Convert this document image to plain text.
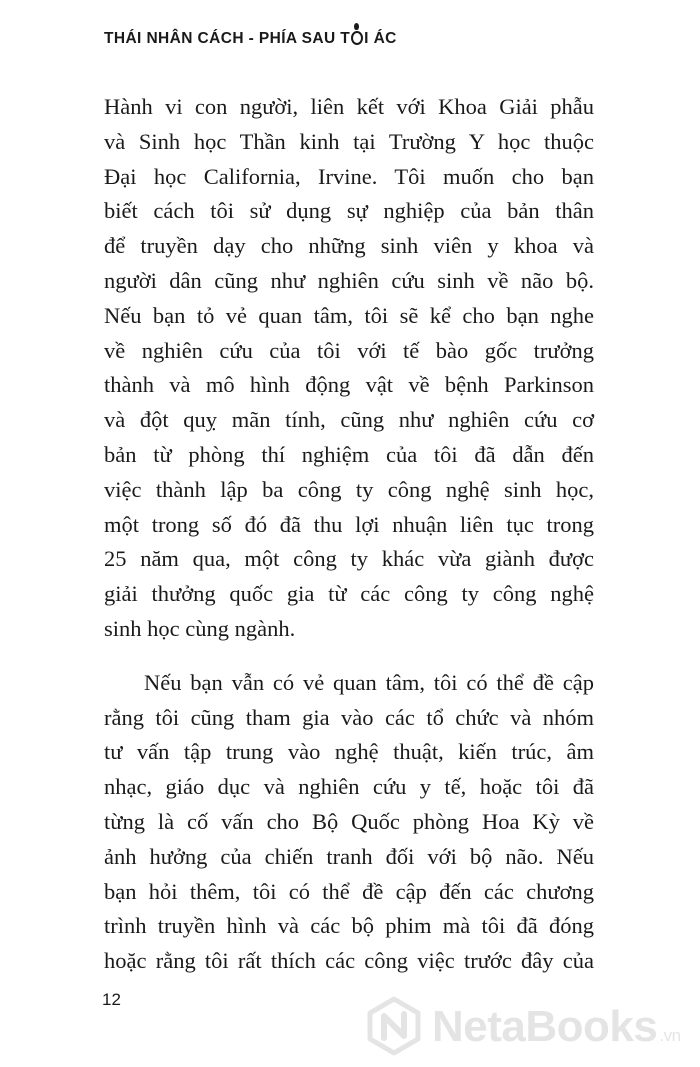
THÁI NHÂN CÁCH - PHÍA SAU T I ÁC
Hành vi con người, liên kết với Khoa Giải phẫu
và Sinh học Thần kinh tại Trường Y học thuộc
Đại học California, Irvine. Tôi muốn cho bạn
biết cách tôi sử dụng sự nghiệp của bản thân
để truyền dạy cho những sinh viên y khoa và
người dân cũng như nghiên cứu sinh về não bộ.
Nếu bạn tỏ vẻ quan tâm, tôi sẽ kể cho bạn nghe
về nghiên cứu của tôi với tế bào gốc trưởng
thành và mô hình động vật về bệnh Parkinson
và đột quỵ mãn tính, cũng như nghiên cứu cơ
bản từ phòng thí nghiệm của tôi đã dẫn đến
việc thành lập ba công ty công nghệ sinh học,
một trong số đó đã thu lợi nhuận liên tục trong
25 năm qua, một công ty khác vừa giành được
giải thưởng quốc gia từ các công ty công nghệ
sinh học cùng ngành.
Nếu bạn vẫn có vẻ quan tâm, tôi có thể đề cập
rằng tôi cũng tham gia vào các tổ chức và nhóm
tư vấn tập trung vào nghệ thuật, kiến trúc, âm
nhạc, giáo dục và nghiên cứu y tế, hoặc tôi đã
từng là cố vấn cho Bộ Quốc phòng Hoa Kỳ về
ảnh hưởng của chiến tranh đối với bộ não. Nếu
bạn hỏi thêm, tôi có thể đề cập đến các chương
trình truyền hình và các bộ phim mà tôi đã đóng
hoặc rằng tôi rất thích các công việc trước đây của
12
NetaBooks .vn
